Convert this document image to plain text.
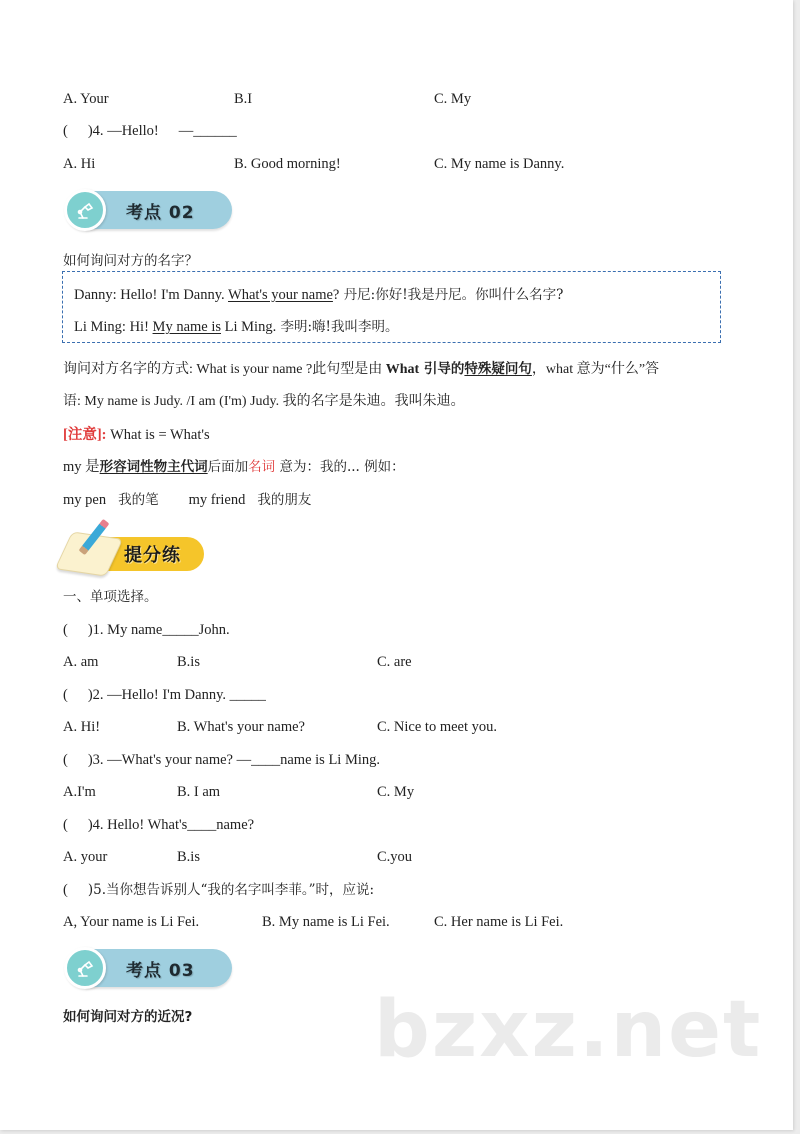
A. Your	B.I	C. My
( )4. —Hello! —______
A. Hi	B. Good morning!	C. My name is Danny.
考点 02
如何询问对方的名字？
Danny: Hello! I'm Danny. What's your name? 丹尼:你好!我是丹尼。你叫什么名字?
Li Ming: Hi! My name is Li Ming. 李明:嗨!我叫李明。
询问对方名字的方式: What is your name ?此句型是由 What 引导的特殊疑问句，what 意为“什么”答
语: My name is Judy. /I am (I'm) Judy. 我的名字是朱迪。我叫朱迪。
[注意]: What is = What's
my 是形容词性物主代词后面加名词 意为：我的... 例如：
my pen 我的笔 my friend 我的朋友
提分练
一、单项选择。
( )1. My name_____John.
A. am	B.is	C. are
( )2. —Hello! I'm Danny. _____
A. Hi!	B. What's your name?	C. Nice to meet you.
( )3. —What's your name? —____name is Li Ming.
A.I'm	B. I am	C. My
( )4. Hello! What's____name?
A. your	B.is	C.you
( )5.当你想告诉别人“我的名字叫李菲。”时，应说:
A, Your name is Li Fei.	B. My name is Li Fei.	C. Her name is Li Fei.
考点 03
如何询问对方的近况? bzxz.net
